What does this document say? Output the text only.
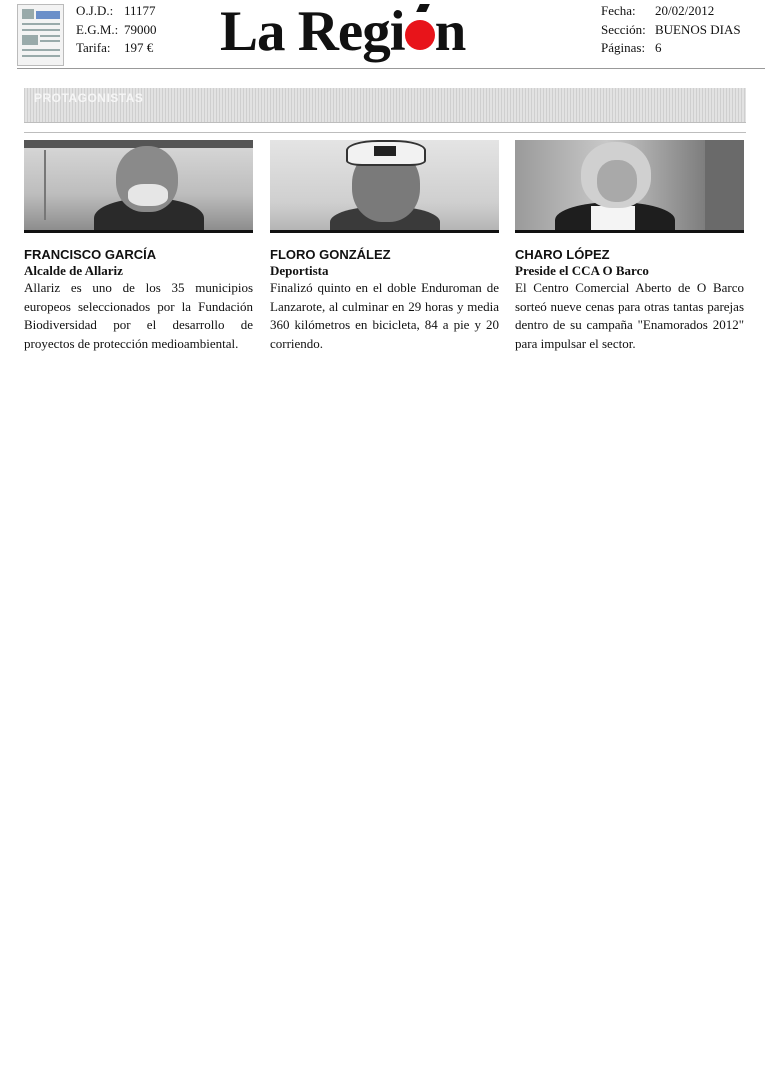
O.J.D.: 11177
E.G.M.: 79000
Tarifa: 197 € La Regi n	Fecha: 20/02/2012
Sección: BUENOS DIAS
Páginas: 6
PROTAGONISTAS
FRANCISCO GARCÍA
Alcalde de Allariz
Allariz es uno de los 35 municipios europeos seleccionados por la Fundación Biodiversidad por el desarrollo de proyectos de protección medioambiental.
FLORO GONZÁLEZ
Deportista
Finalizó quinto en el doble Enduroman de Lanzarote, al culminar en 29 horas y media 360 kilómetros en bicicleta, 84 a pie y 20 corriendo.
CHARO LÓPEZ
Preside el CCA O Barco
El Centro Comercial Aberto de O Barco sorteó nueve cenas para otras tantas parejas dentro de su campaña "Enamorados 2012" para impulsar el sector.
